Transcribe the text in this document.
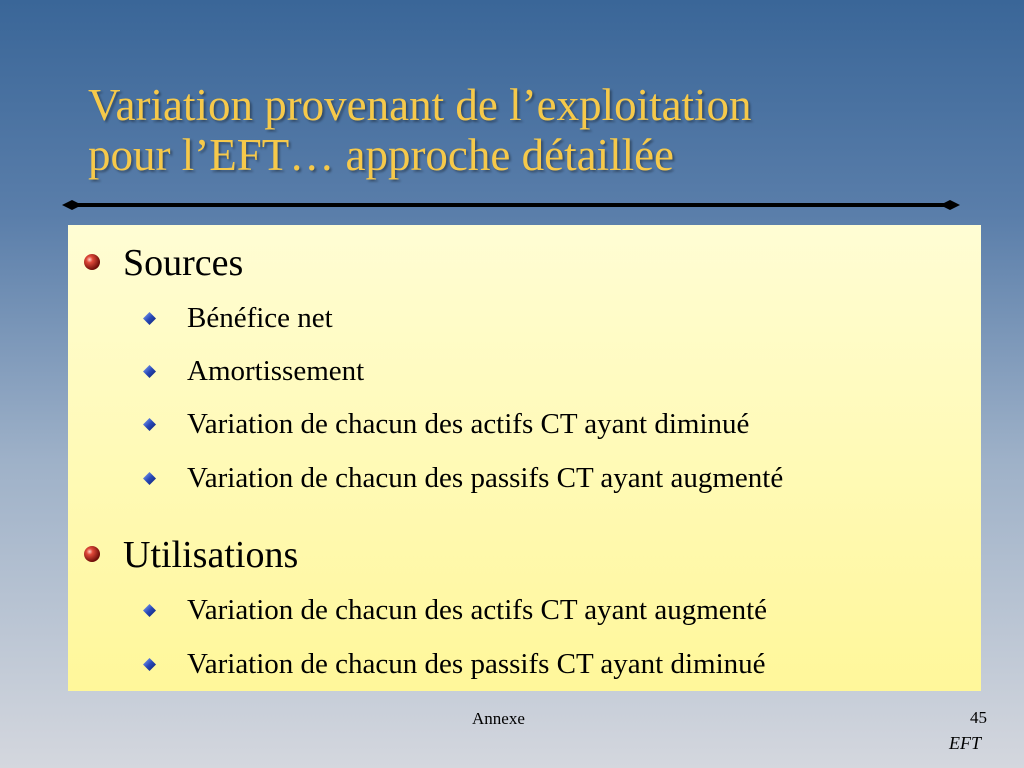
Variation provenant de l’exploitation
pour l’EFT… approche détaillée
Sources
Bénéfice net
Amortissement
Variation de chacun des actifs CT ayant diminué
Variation de chacun des passifs CT ayant augmenté
Utilisations
Variation de chacun des actifs CT ayant augmenté
Variation de chacun des passifs CT ayant diminué
Annexe	45
EFT
